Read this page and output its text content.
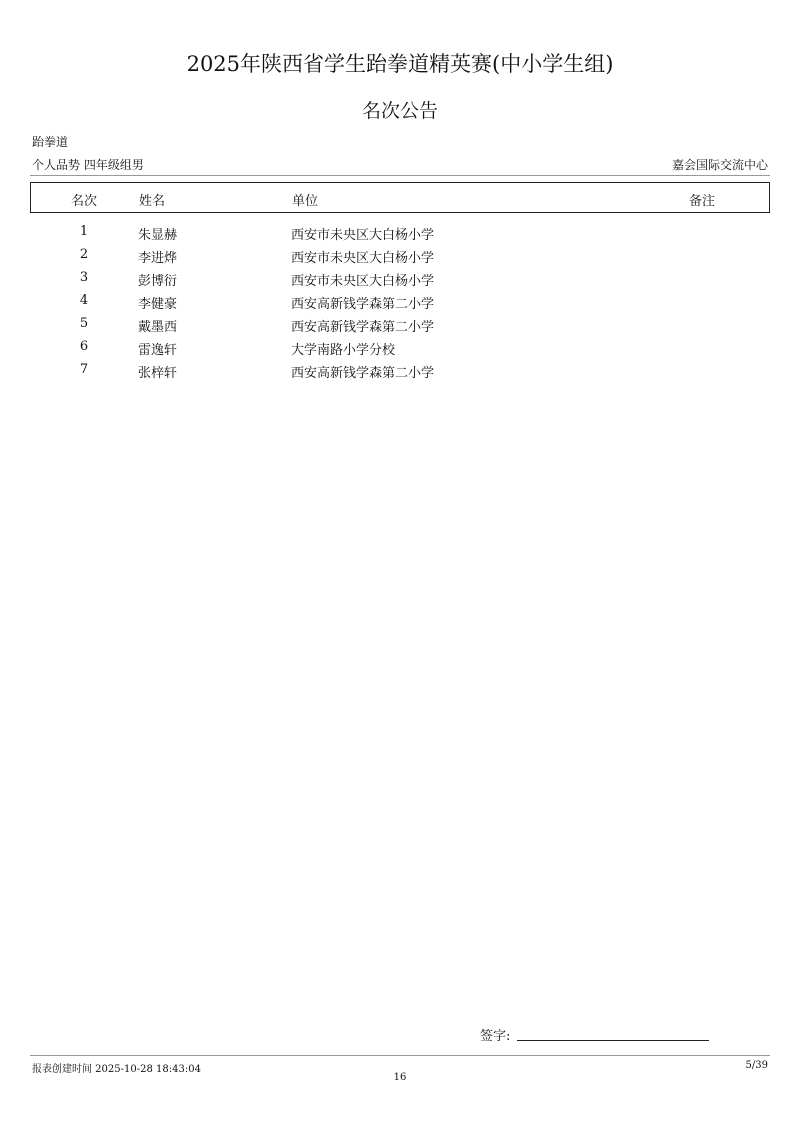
2025年陕西省学生跆拳道精英赛(中小学生组)
名次公告
跆拳道
个人品势 四年级组男	嘉会国际交流中心
名次	姓名	单位	备注
1	朱显赫	西安市未央区大白杨小学
2	李进烨	西安市未央区大白杨小学
3	彭博衍	西安市未央区大白杨小学
4	李健豪	西安高新钱学森第二小学
5	戴墨西	西安高新钱学森第二小学
6	雷逸轩	大学南路小学分校
7	张梓轩	西安高新钱学森第二小学
签字:
报表创建时间 2025-10-28 18:43:04	5/39
16
